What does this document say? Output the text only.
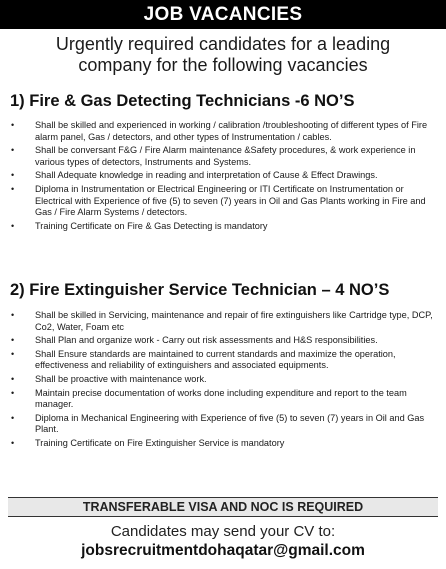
JOB VACANCIES
Urgently required candidates for a leading
company for the following vacancies
1) Fire & Gas Detecting Technicians -6 NO’S
• Shall be skilled and experienced in working / calibration /troubleshooting of different types of Fire alarm panel, Gas / detectors, and other types of Instrumentation / cables.
• Shall be conversant F&G / Fire Alarm maintenance &Safety procedures, & work experience in various types of detectors, Instruments and Systems.
• Shall Adequate knowledge in reading and interpretation of Cause & Effect Drawings.
• Diploma in Instrumentation or Electrical Engineering or ITI Certificate on Instrumentation or Electrical with Experience of five (5) to seven (7) years in Oil and Gas Plants working in Fire and Gas / Fire Alarm Systems / detectors.
• Training Certificate on Fire & Gas Detecting is mandatory
2) Fire Extinguisher Service Technician – 4 NO’S
• Shall be skilled in Servicing, maintenance and repair of fire extinguishers like Cartridge type, DCP, Co2, Water, Foam etc
• Shall Plan and organize work - Carry out risk assessments and H&S responsibilities.
• Shall Ensure standards are maintained to current standards and maximize the operation, effectiveness and reliability of extinguishers and associated equipments.
• Shall be proactive with maintenance work.
• Maintain precise documentation of works done including expenditure and report to the team manager.
• Diploma in Mechanical Engineering with Experience of five (5) to seven (7) years in Oil and Gas Plant.
• Training Certificate on Fire Extinguisher Service is mandatory
TRANSFERABLE VISA AND NOC IS REQUIRED
Candidates may send your CV to:
jobsrecruitmentdohaqatar@gmail.com
